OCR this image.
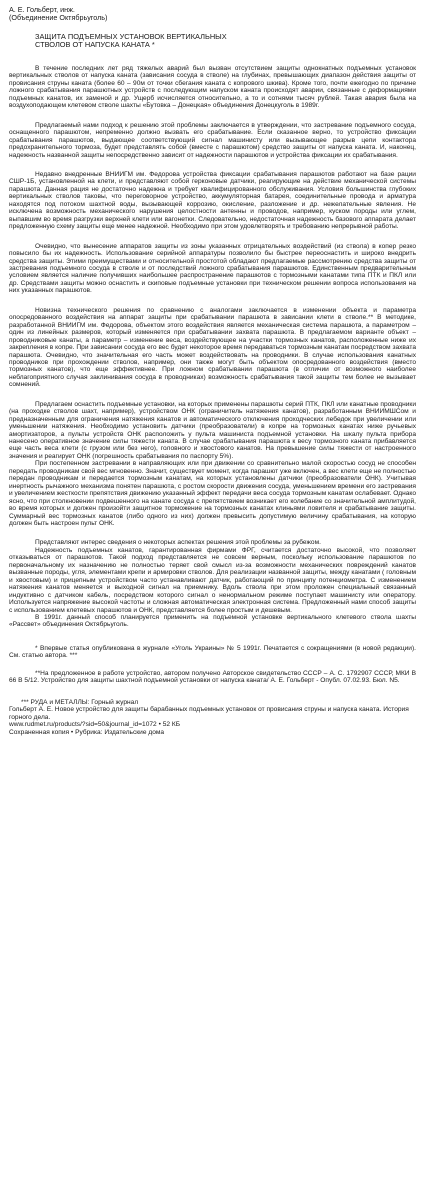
А. Е. Гольберт, инж.

(Объединение Октябрьуголь)

ЗАЩИТА ПОДЪЕМНЫХ УСТАНОВОК ВЕРТИКАЛЬНЫХ
СТВОЛОВ ОТ НАПУСКА КАНАТА *

В течение последних лет ряд тяжелых аварий был вызван отсутствием защиты однокнатных подъемных установок вертикальных стволов от напуска каната (зависания сосуда в стволе) на глубинах, превышающих диапазон действия защиты от провисания струны каната (более 60 – 90м от точки сбегания каната с копрового шкива). Кроме того, почти ежегодно по причине ложного срабатывания парашютных устройств с последующим напуском каната происходят аварии, связанные с деформациями подъемных канатов, их заменой и др. Ущерб исчисляется относительно, а то и сотнями тысяч рублей. Такая авария была на воздухоподающем клетевом стволе шахты «Бутовка – Донецкая» объединения Донецкуголь в 1989г.

Предлагаемый нами подход к решению этой проблемы заключается в утверждении, что застревание подъемного сосуда, оснащенного парашютом, непременно должно вызвать его срабатывание. Если сказанное верно, то устройство фиксации срабатывания парашютов, выдающее соответствующий сигнал машинисту или вызывающее разрыв цепи контактора предохранительного тормоза, будет представлять собой (вместе с парашютом) средство защиты от напуска каната. И, наконец, надежность названной защиты непосредственно зависит от надежности парашютов и устройства фиксации их срабатывания.

Недавно внедренные ВНИИГМ им. Федорова устройства фиксации срабатывания парашютов работают на базе рации СШР-1Б, установленной на клети, и представляют собой герконовые датчики, реагирующие на действие механической системы парашюта. Данная рация не достаточно надежна и требует квалифицированного обслуживания. Условия большинства глубоких вертикальных стволов таковы, что переговорное устройство, аккумуляторная батарея, соединительные провода и арматура находятся под потоком шахтной воды, вызывающей коррозию, окисление, разложение и др. нежелательные явления. Не исключена возможность механического нарушения целостности антенны и проводов, например, куском породы или углем, выпавшим во время разгрузки верхней клети или вагонетки. Следовательно, недостаточная надежность базового аппарата делает предложенную схему защиты еще менее надежной. Необходимо при этом удовлетворять и требованию непрерывной работы.

Очевидно, что вынесение аппаратов защиты из зоны указанных отрицательных воздействий (из ствола) в копер резко повысило бы их надежность. Использование серийной аппаратуры позволило бы быстрее переоснастить и широко внедрить средства защиты. Этими преимуществами и относительной простотой обладают предлагаемые рассмотрению средства защиты от застревания подъемного сосуда в стволе и от последствий ложного срабатывания парашютов. Единственным предварительным условием является наличие получивших наибольшее распространение парашютов с тормозными канатами типа ПТК и ПКЛ или др. Средствами защиты можно оснастить и скиповые подъемные установки при техническом решении вопроса использования на них указанных парашютов.

Новизна технического решения по сравнению с аналогами заключается в изменении объекта и параметра опосредованного воздействия на аппарат защиты при срабатывании парашюта в зависании клети в стволе.** В методике, разработанной ВНИИГМ им. Федорова, объектом этого воздействия является механическая система парашюта, а параметром – один из линейных размеров, который изменяется при срабатывании захвата парашюта. В предлагаемом варианте объект – проводниковые канаты, а параметр – изменение веса, воздействующее на участки тормозных канатов, расположенные ниже их закрепления в копре. При зависании сосуда его вес будет некоторое время передаваться тормозным канатам посредством захвата парашюта. Очевидно, что значительная его часть может воздействовать на проводники. В случае использования канатных проводников при прохождении стволов, например, они также могут быть объектом опосредованного воздействия (вместо тормозных канатов), что еще эффективнее. При ложном срабатывании парашюта (в отличии от возможного наиболее неблагоприятного случая заклинивания сосуда в проводниках) возможность срабатывания такой защиты тем более не вызывает сомнений.

Предлагаем оснастить подъемные установки, на которых применены парашюты серий ПТК, ПКЛ или канатные проводники (на проходке стволов шахт, например), устройством ОНК (ограничитель натяжения канатов), разработанным ВНИИМШСом и предназначенным для ограничения натяжения канатов и автоматического отключения проходческих лебедок при увеличении или уменьшении натяжения. Необходимо установить датчики (преобразователи) в копре на тормозных канатах ниже ручьевых амортизаторов, а пульты устройств ОНК расположить у пульта машиниста подъемной установки. На шкалу пульта прибора нанесено оперативное значение силы тяжести каната. В случае срабатывания парашюта к весу тормозного каната прибавляется еще часть веса клети (с грузом или без него), головного и хвостового канатов. На превышение силы тяжести от настроенного значения и реагирует ОНК (погрешность срабатывания по паспорту 5%).

При постепенном застревании в направляющих или при движении со сравнительно малой скоростью сосуд не способен передать проводникам свой вес мгновенно. Значит, существует момент, когда парашют уже включен, а вес клети еще не полностью передан проводникам и передается тормозным канатам, на которых установлены датчики (преобразователи ОНК). Учитывая инертность рычажного механизма понятен парашюта, с ростом скорости движения сосуда, уменьшением времени его застревания и увеличением жесткости препятствия движению указанный эффект передачи веса сосуда тормозным канатам ослабевает. Однако ясно, что при столкновении подвешенного на канате сосуда с препятствием возникает его колебание со значительной амплитудой, во время которых и должен произойти защитное торможение на тормозных канатах клиньями ловителя и срабатывание защиты. Суммарный вес тормозных канатов (либо одного из них) должен превысить допустимую величину срабатывания, на которую должен быть настроен пульт ОНК.

Представляют интерес сведения о некоторых аспектах решения этой проблемы за рубежом.

Надежность подъемных канатов, гарантированная фирмами ФРГ, считается достаточно высокой, что позволяет отказываться от парашютов. Такой подход представляется не совсем верным, поскольку использование парашютов по первоначальному их назначению не полностью теряет свой смысл из-за возможности механических повреждений канатов вызванные породы, угля, элементами крепи и армировки стволов. Для реализации названной защиты, между канатами ( головным и хвостовым) и прицепным устройством часто устанавливают датчик, работающий по принципу потенциометра. С изменением натяжения канатов меняется и выходной сигнал на приемнику. Вдоль ствола при этом проложен специальный связанный индуктивно с датчиком кабель, посредством которого сигнал о ненормальном режиме поступает машинисту или оператору. Используется напряжение высокой частоты и сложная автоматическая электронная система. Предложенный нами способ защиты с использованием клетевых парашютов и ОНК, представляется более простым и дешевым.

В 1991г. данный способ планируется применить на подъемной установке вертикального клетевого ствола шахты «Рассвет» объединения Октябрьуголь.

* Впервые статья опубликована в журнале «Уголь Украины» № 5 1991г. Печатается с сокращениями (в новой редакции). См. статью автора. ***

**На предложенное в работе устройство, автором получено Авторское свидетельство СССР – А. С. 1792907 СССР, МКИ В 66 В 5/12. Устройство для защиты шахтной подъемной установки от напуска каната/ А. Е. Гольберт - Опубл. 07.02.93. Бюл. N5.

*** РУДА и МЕТАЛЛЫ: Горный журнал

Гольберт А. Е. Новое устройство для защиты барабанных подъемных установок от провисания струны и напуска каната. История горного дела.

www.rudmet.ru/products/?sid=50&journal_id=1072 • 52 КБ

Сохраненная копия • Рубрика: Издательские дома
